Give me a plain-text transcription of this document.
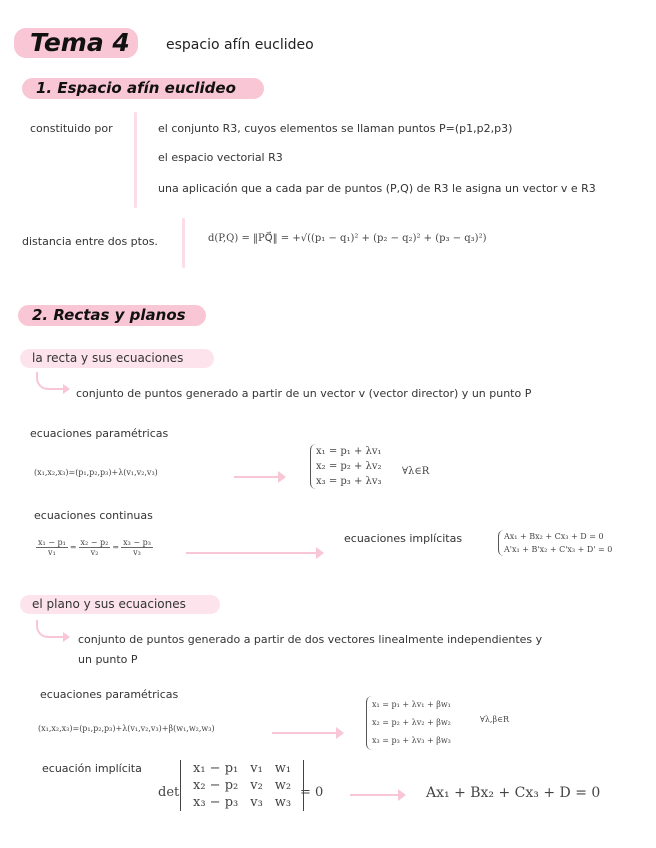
Tema 4	espacio afín euclideo
1. Espacio afín euclideo
constituido por	el conjunto R3, cuyos elementos se llaman puntos P=(p1,p2,p3)
el espacio vectorial R3
una aplicación que a cada par de puntos (P,Q) de R3 le asigna un vector v e R3
distancia entre dos ptos.	d(P,Q) = ‖PQ⃗‖ = +√((p₁ − q₁)² + (p₂ − q₂)² + (p₃ − q₃)²)
2. Rectas y planos
la recta y sus ecuaciones
conjunto de puntos generado a partir de un vector v (vector director) y un punto P
ecuaciones paramétricas
(x₁,x₂,x₃)=(p₁,p₂,p₃)+λ(v₁,v₂,v₃)
x₁ = p₁ + λv₁
x₂ = p₂ + λv₂
x₃ = p₃ + λv₃
∀λ∈R
ecuaciones continuas
$\frac{\text{x₁ − p₁}}{\text{v₁}} = \frac{\text{x₂ − p₂}}{\text{v₂}} = \frac{\text{x₃ − p₃}}{\text{v₃}}$	ecuaciones implícitas	Ax₁ + Bx₂ + Cx₃ + D = 0
A'x₁ + B'x₂ + C'x₃ + D' = 0
el plano y sus ecuaciones
conjunto de puntos generado a partir de dos vectores linealmente independientes y
un punto P
ecuaciones paramétricas
(x₁,x₂,x₃)=(p₁,p₂,p₃)+λ(v₁,v₂,v₃)+β(w₁,w₂,w₃)
x₁ = p₁ + λv₁ + βw₁
x₂ = p₂ + λv₂ + βw₂
x₃ = p₃ + λv₃ + βw₃
∀λ,β∈R
ecuación implícita
det
x₁ − p₁	v₁	w₁
x₂ − p₂	v₂	w₂
x₃ − p₃	v₃	w₃
= 0	Ax₁ + Bx₂ + Cx₃ + D = 0
